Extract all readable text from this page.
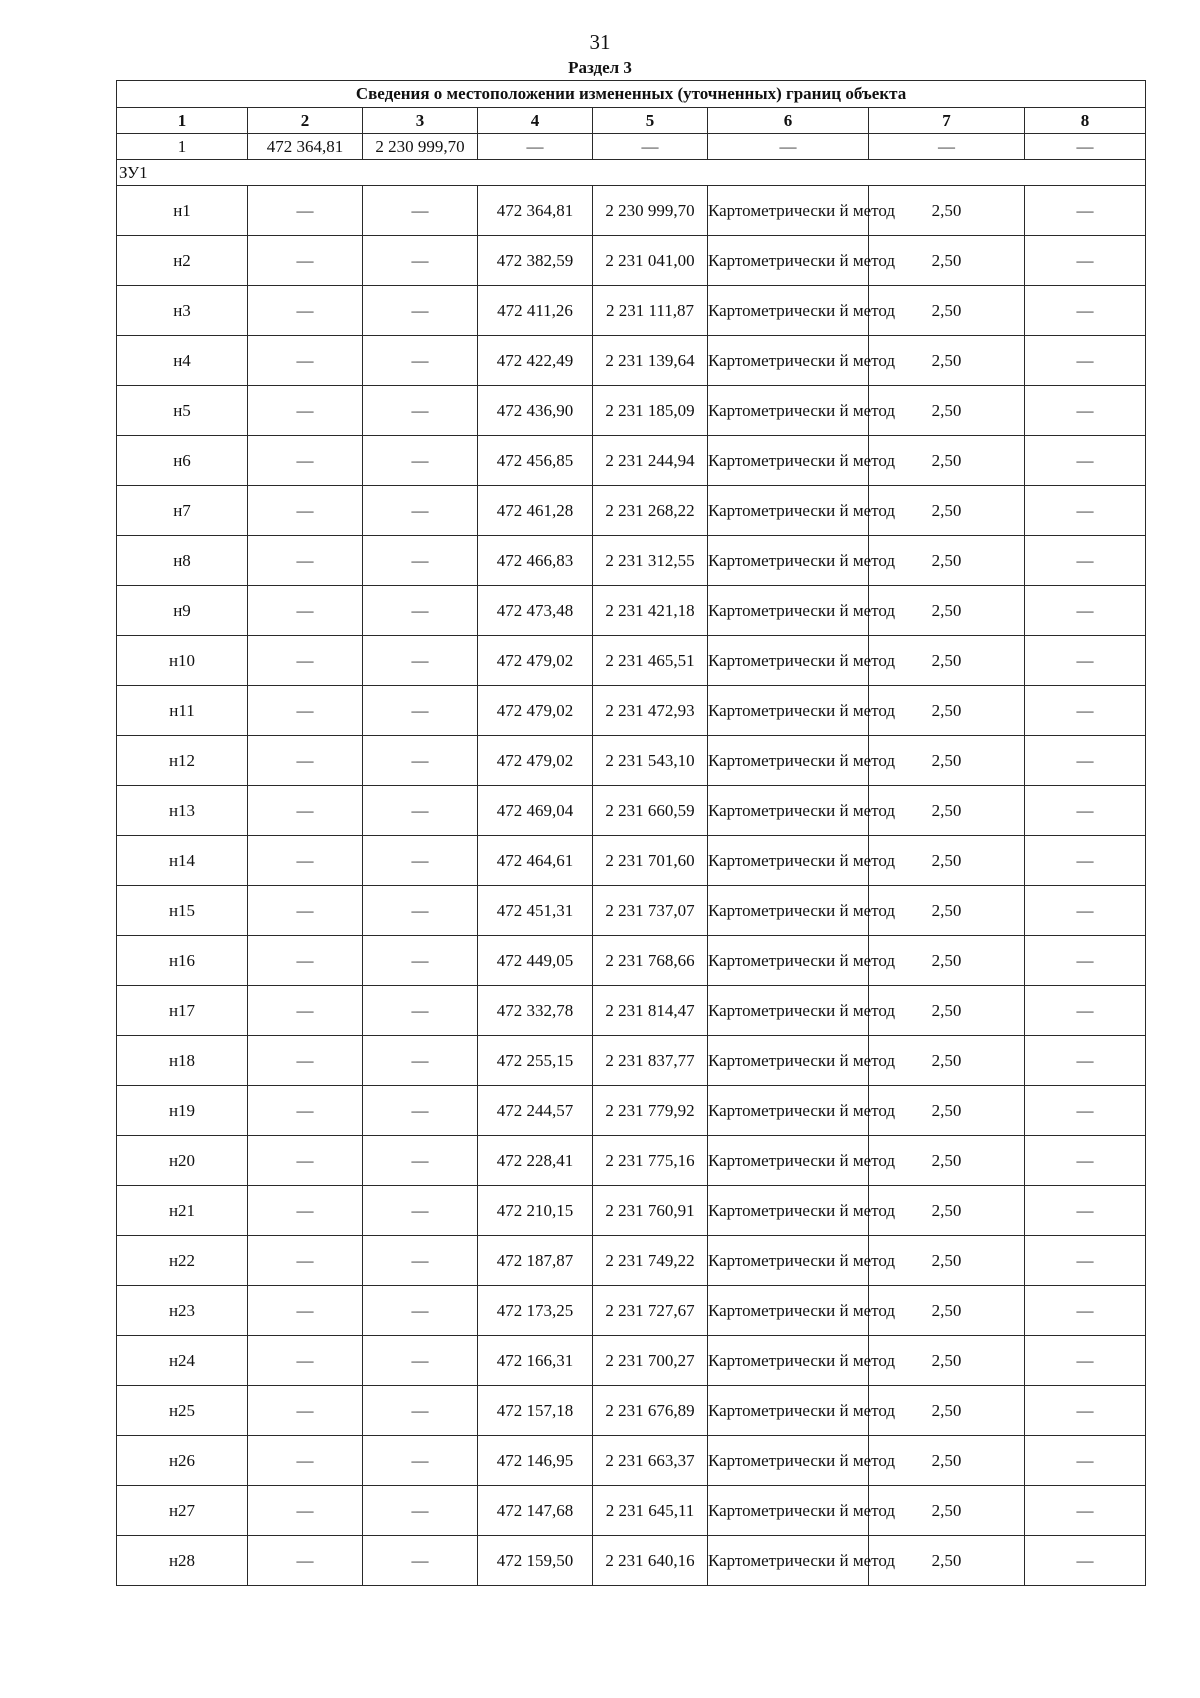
31
Раздел 3
Сведения о местоположении измененных (уточненных) границ объекта							
1	2	3	4	5	6	7	8
1	472 364,81	2 230 999,70	—	—	—	—	—
ЗУ1							
н1	—	—	472 364,81	2 230 999,70	Картометрически й метод	2,50	—
н2	—	—	472 382,59	2 231 041,00	Картометрически й метод	2,50	—
н3	—	—	472 411,26	2 231 111,87	Картометрически й метод	2,50	—
н4	—	—	472 422,49	2 231 139,64	Картометрически й метод	2,50	—
н5	—	—	472 436,90	2 231 185,09	Картометрически й метод	2,50	—
н6	—	—	472 456,85	2 231 244,94	Картометрически й метод	2,50	—
н7	—	—	472 461,28	2 231 268,22	Картометрически й метод	2,50	—
н8	—	—	472 466,83	2 231 312,55	Картометрически й метод	2,50	—
н9	—	—	472 473,48	2 231 421,18	Картометрически й метод	2,50	—
н10	—	—	472 479,02	2 231 465,51	Картометрически й метод	2,50	—
н11	—	—	472 479,02	2 231 472,93	Картометрически й метод	2,50	—
н12	—	—	472 479,02	2 231 543,10	Картометрически й метод	2,50	—
н13	—	—	472 469,04	2 231 660,59	Картометрически й метод	2,50	—
н14	—	—	472 464,61	2 231 701,60	Картометрически й метод	2,50	—
н15	—	—	472 451,31	2 231 737,07	Картометрически й метод	2,50	—
н16	—	—	472 449,05	2 231 768,66	Картометрически й метод	2,50	—
н17	—	—	472 332,78	2 231 814,47	Картометрически й метод	2,50	—
н18	—	—	472 255,15	2 231 837,77	Картометрически й метод	2,50	—
н19	—	—	472 244,57	2 231 779,92	Картометрически й метод	2,50	—
н20	—	—	472 228,41	2 231 775,16	Картометрически й метод	2,50	—
н21	—	—	472 210,15	2 231 760,91	Картометрически й метод	2,50	—
н22	—	—	472 187,87	2 231 749,22	Картометрически й метод	2,50	—
н23	—	—	472 173,25	2 231 727,67	Картометрически й метод	2,50	—
н24	—	—	472 166,31	2 231 700,27	Картометрически й метод	2,50	—
н25	—	—	472 157,18	2 231 676,89	Картометрически й метод	2,50	—
н26	—	—	472 146,95	2 231 663,37	Картометрически й метод	2,50	—
н27	—	—	472 147,68	2 231 645,11	Картометрически й метод	2,50	—
н28	—	—	472 159,50	2 231 640,16	Картометрически й метод	2,50	—
